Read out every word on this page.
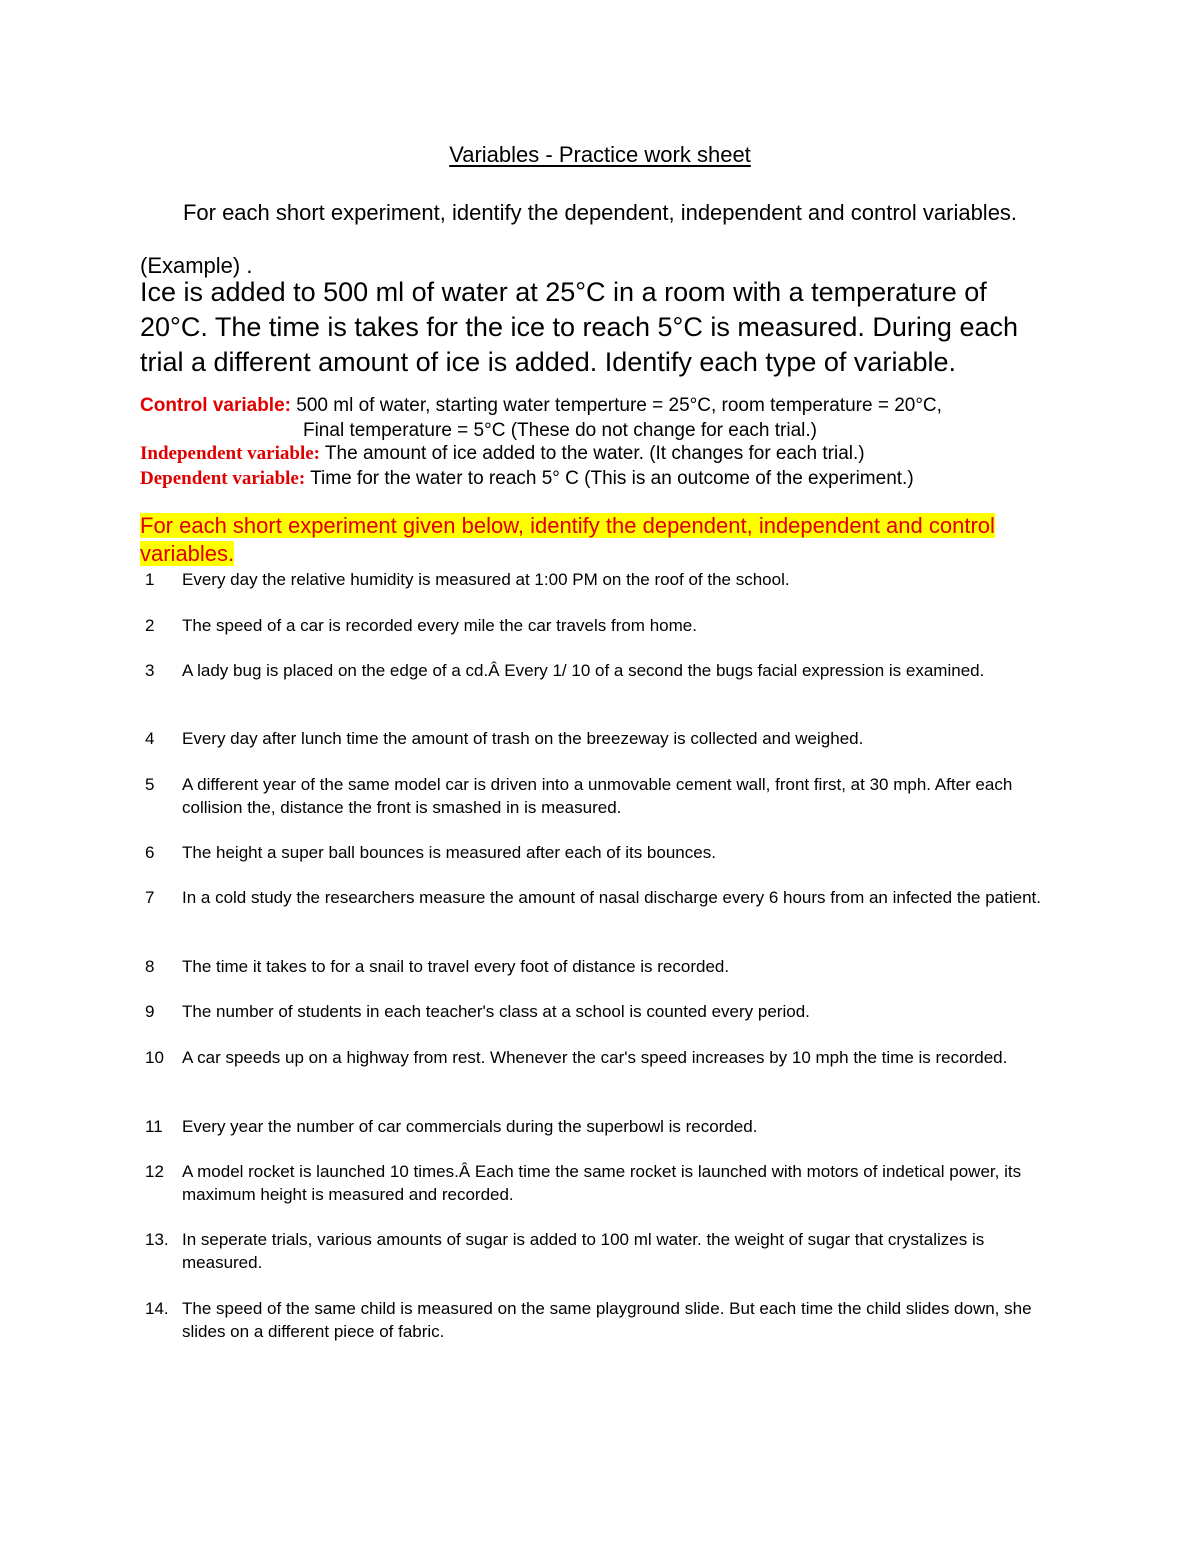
Variables - Practice work sheet
For each short experiment, identify the dependent, independent and control variables.
(Example) .
Ice is added to 500 ml of water at 25°C in a room with a temperature of 20°C. The time is takes for the ice to reach 5°C is measured. During each trial a different amount of ice is added. Identify each type of variable.
Control variable: 500 ml of water, starting water temperture = 25°C, room temperature = 20°C,
Final temperature = 5°C (These do not change for each trial.)
Independent variable: The amount of ice added to the water. (It changes for each trial.)
Dependent variable: Time for the water to reach 5° C (This is an outcome of the experiment.)
For each short experiment given below, identify the dependent, independent and control variables.
1 Every day the relative humidity is measured at 1:00 PM on the roof of the school.
2 The speed of a car is recorded every mile the car travels from home.
3 A lady bug is placed on the edge of a cd.Â Every 1/ 10 of a second the bugs facial expression is examined.
4 Every day after lunch time the amount of trash on the breezeway is collected and weighed.
5 A different year of the same model car is driven into a unmovable cement wall, front first, at 30 mph. After each collision the, distance the front is smashed in is measured.
6 The height a super ball bounces is measured after each of its bounces.
7 In a cold study the researchers measure the amount of nasal discharge every 6 hours from an infected the patient.
8 The time it takes to for a snail to travel every foot of distance is recorded.
9 The number of students in each teacher's class at a school is counted every period.
10 A car speeds up on a highway from rest. Whenever the car's speed increases by 10 mph the time is recorded.
11 Every year the number of car commercials during the superbowl is recorded.
12 A model rocket is launched 10 times.Â Each time the same rocket is launched with motors of indetical power, its maximum height is measured and recorded.
13. In seperate trials, various amounts of sugar is added to 100 ml water. the weight of sugar that crystalizes is measured.
14. The speed of the same child is measured on the same playground slide. But each time the child slides down, she slides on a different piece of fabric.
